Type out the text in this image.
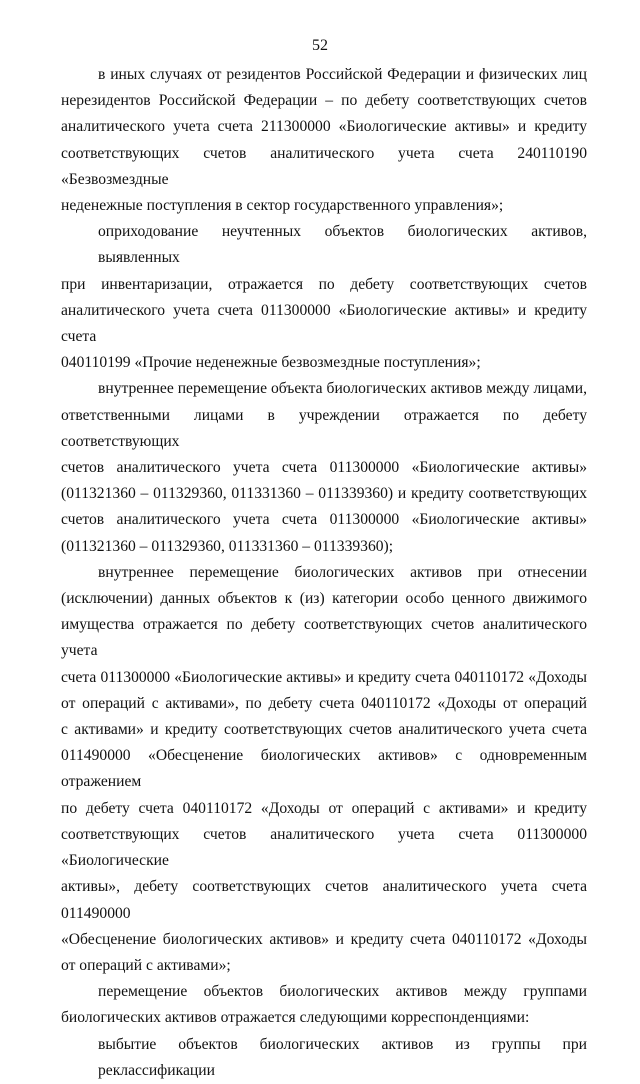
52
в иных случаях от резидентов Российской Федерации и физических лиц
нерезидентов Российской Федерации – по дебету соответствующих счетов
аналитического учета счета 211300000 «Биологические активы» и кредиту
соответствующих счетов аналитического учета счета 240110190 «Безвозмездные
неденежные поступления в сектор государственного управления»;
оприходование неучтенных объектов биологических активов, выявленных
при инвентаризации, отражается по дебету соответствующих счетов
аналитического учета счета 011300000 «Биологические активы» и кредиту счета
040110199 «Прочие неденежные безвозмездные поступления»;
внутреннее перемещение объекта биологических активов между лицами,
ответственными лицами в учреждении отражается по дебету соответствующих
счетов аналитического учета счета 011300000 «Биологические активы»
(011321360 – 011329360, 011331360 – 011339360) и кредиту соответствующих
счетов аналитического учета счета 011300000 «Биологические активы»
(011321360 – 011329360, 011331360 – 011339360);
внутреннее перемещение биологических активов при отнесении
(исключении) данных объектов к (из) категории особо ценного движимого
имущества отражается по дебету соответствующих счетов аналитического учета
счета 011300000 «Биологические активы» и кредиту счета 040110172 «Доходы
от операций с активами», по дебету счета 040110172 «Доходы от операций
с активами» и кредиту соответствующих счетов аналитического учета счета
011490000 «Обесценение биологических активов» с одновременным отражением
по дебету счета 040110172 «Доходы от операций с активами» и кредиту
соответствующих счетов аналитического учета счета 011300000 «Биологические
активы», дебету соответствующих счетов аналитического учета счета 011490000
«Обесценение биологических активов» и кредиту счета 040110172 «Доходы
от операций с активами»;
перемещение объектов биологических активов между группами
биологических активов отражается следующими корреспонденциями:
выбытие объектов биологических активов из группы при реклассификации
